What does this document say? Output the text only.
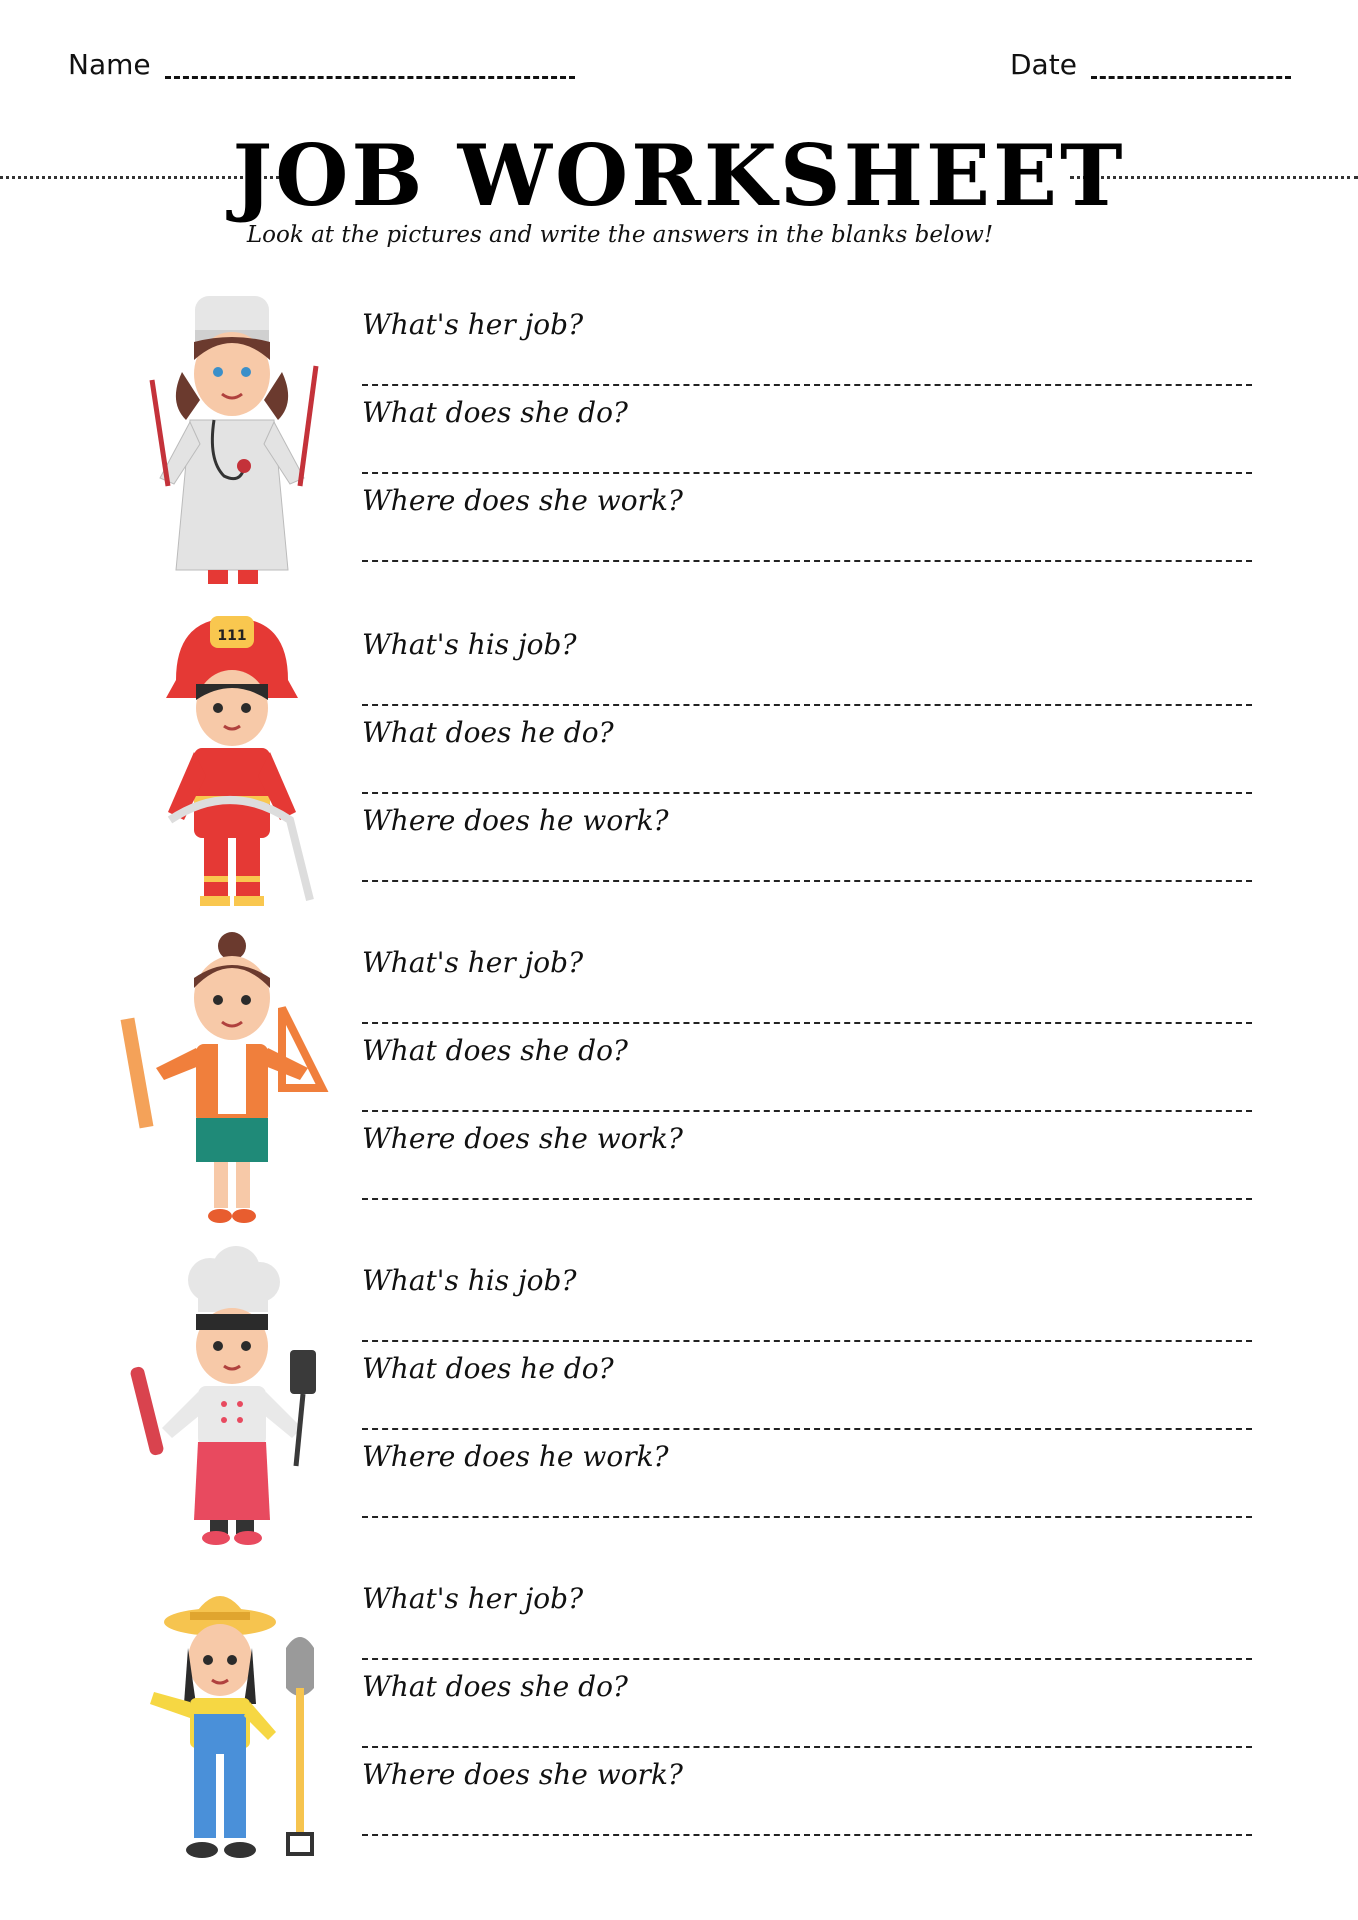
Name	Date
JOB WORKSHEET
Look at the pictures and write the answers in the blanks below!
What's her job?
What does she do?
Where does she work?
111	What's his job?
What does he do?
Where does he work?
What's her job?
What does she do?
Where does she work?
What's his job?
What does he do?
Where does he work?
What's her job?
What does she do?
Where does she work?
